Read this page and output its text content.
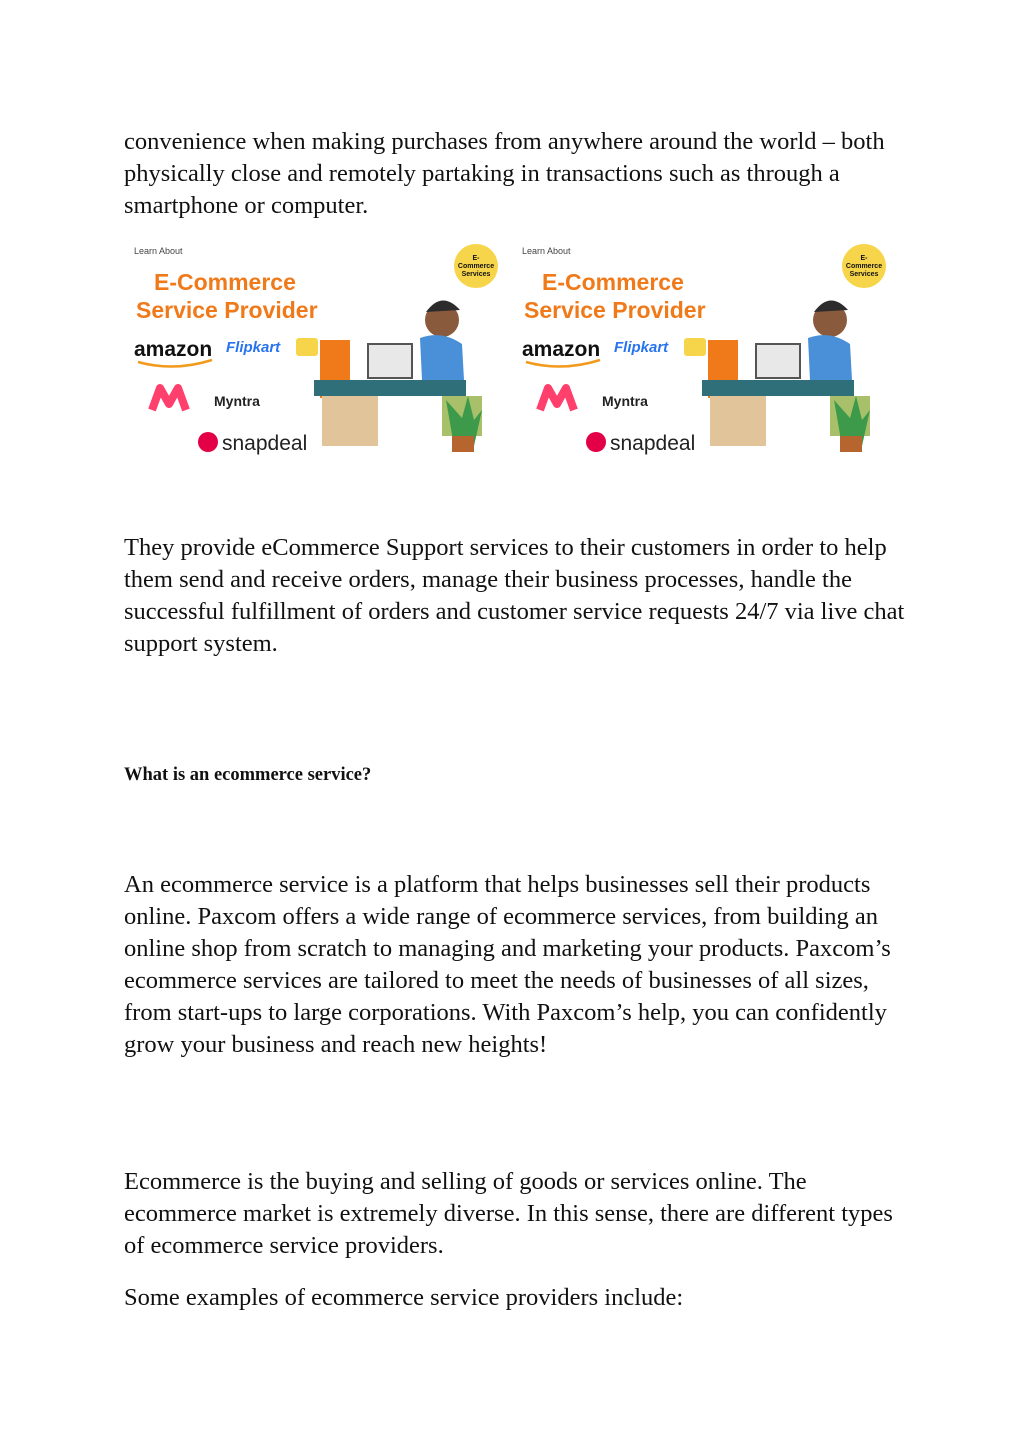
convenience when making purchases from anywhere around the world – both physically close and remotely partaking in transactions such as through a smartphone or computer.

Learn About
E-Commerce
Service Provider
amazon Flipkart
Myntra
snapdeal
E-
Commerce
Services
Learn About
E-Commerce
Service Provider
amazon Flipkart
Myntra
snapdeal
E-
Commerce
Services

They provide eCommerce Support services to their customers in order to help them send and receive orders, manage their business processes, handle the successful fulfillment of orders and customer service requests 24/7 via live chat support system.

What is an ecommerce service?

An ecommerce service is a platform that helps businesses sell their products online. Paxcom offers a wide range of ecommerce services, from building an online shop from scratch to managing and marketing your products. Paxcom’s ecommerce services are tailored to meet the needs of businesses of all sizes, from start-ups to large corporations. With Paxcom’s help, you can confidently grow your business and reach new heights!

Ecommerce is the buying and selling of goods or services online. The ecommerce market is extremely diverse. In this sense, there are different types of ecommerce service providers.

Some examples of ecommerce service providers include:
